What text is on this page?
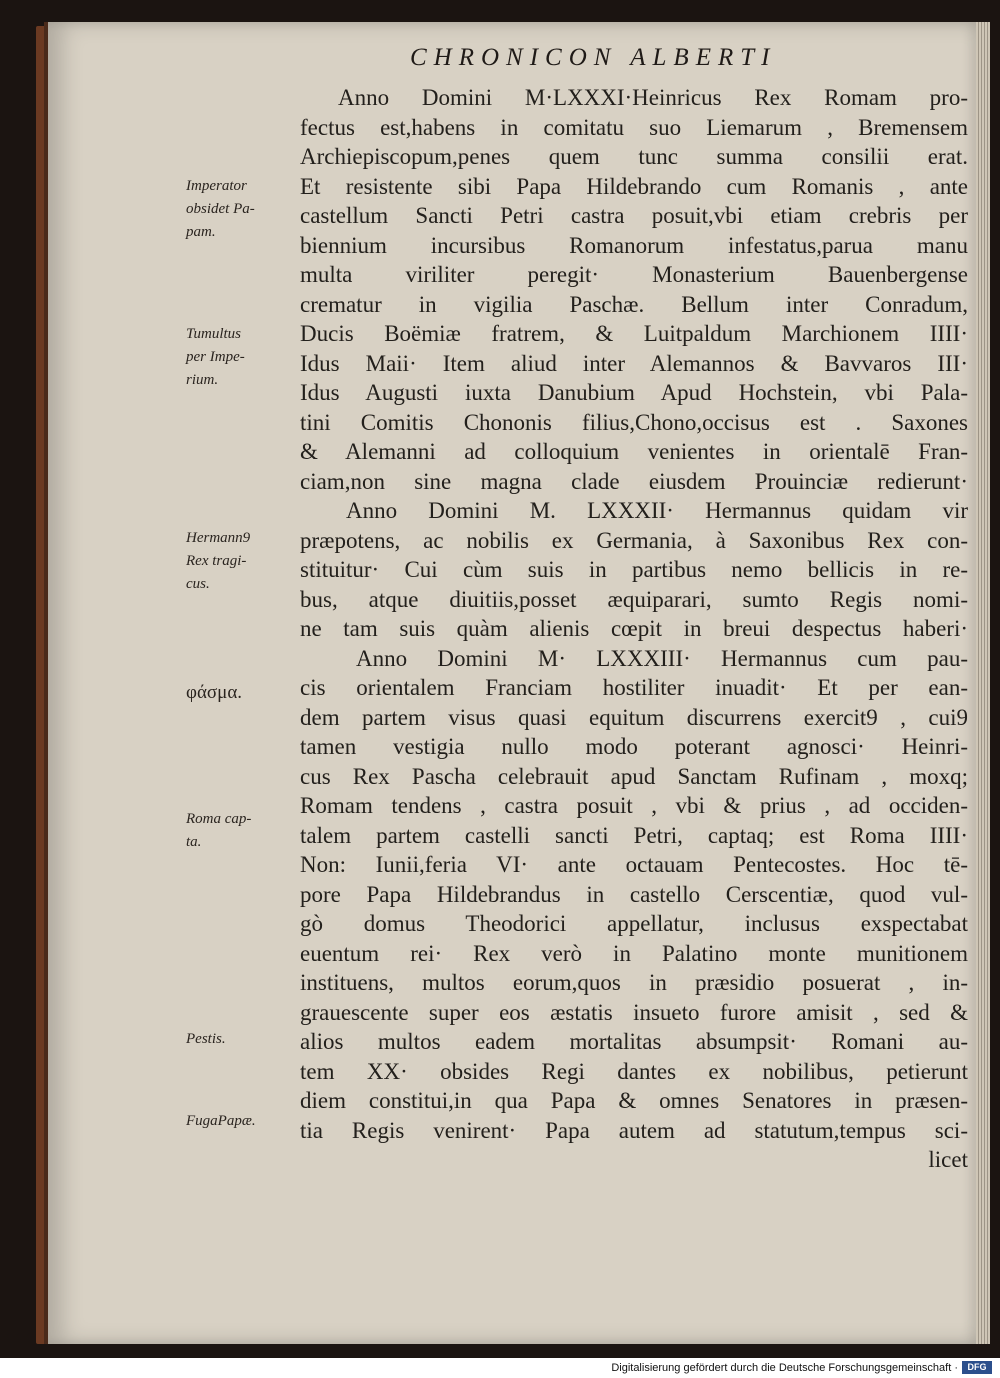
CHRONICON ALBERTI
Anno Domini M·LXXXI·Heinricus Rex Romam pro-
fectus est,habens in comitatu suo Liemarum , Bremensem
Archiepiscopum,penes quem tunc summa consilii erat.
Et resistente sibi Papa Hildebrando cum Romanis , ante
castellum Sancti Petri castra posuit,vbi etiam crebris per
biennium incursibus Romanorum infestatus,parua manu
multa viriliter peregit· Monasterium Bauenbergense
crematur in vigilia Paschæ. Bellum inter Conradum,
Ducis Boëmiæ fratrem, & Luitpaldum Marchionem IIII·
Idus Maii· Item aliud inter Alemannos & Bavvaros III·
Idus Augusti iuxta Danubium Apud Hochstein, vbi Pala-
tini Comitis Chononis filius,Chono,occisus est . Saxones
& Alemanni ad colloquium venientes in orientalē Fran-
ciam,non sine magna clade eiusdem Prouinciæ redierunt·
Anno Domini M. LXXXII· Hermannus quidam vir
præpotens, ac nobilis ex Germania, à Saxonibus Rex con-
stituitur· Cui cùm suis in partibus nemo bellicis in re-
bus, atque diuitiis,posset æquiparari, sumto Regis nomi-
ne tam suis quàm alienis cœpit in breui despectus haberi·
Anno Domini M· LXXXIII· Hermannus cum pau-
cis orientalem Franciam hostiliter inuadit· Et per ean-
dem partem visus quasi equitum discurrens exercit9 , cui9
tamen vestigia nullo modo poterant agnosci· Heinri-
cus Rex Pascha celebrauit apud Sanctam Rufinam , moxq;
Romam tendens , castra posuit , vbi & prius , ad occiden-
talem partem castelli sancti Petri, captaq; est Roma IIII·
Non: Iunii,feria VI· ante octauam Pentecostes. Hoc tē-
pore Papa Hildebrandus in castello Cerscentiæ, quod vul-
gò domus Theodorici appellatur, inclusus exspectabat
euentum rei· Rex verò in Palatino monte munitionem
instituens, multos eorum,quos in præsidio posuerat , in-
grauescente super eos æstatis insueto furore amisit , sed &
alios multos eadem mortalitas absumpsit· Romani au-
tem XX· obsides Regi dantes ex nobilibus, petierunt
diem constitui,in qua Papa & omnes Senatores in præsen-
tia Regis venirent· Papa autem ad statutum,tempus sci-
licet
Imperator
obsidet Pa-
pam.
Tumultus
per Impe-
rium.
Hermann9
Rex tragi-
cus.
φάσμα.
Roma cap-
ta.
Pestis.
FugaPapæ.
Digitalisierung gefördert durch die Deutsche Forschungsgemeinschaft ·	DFG
